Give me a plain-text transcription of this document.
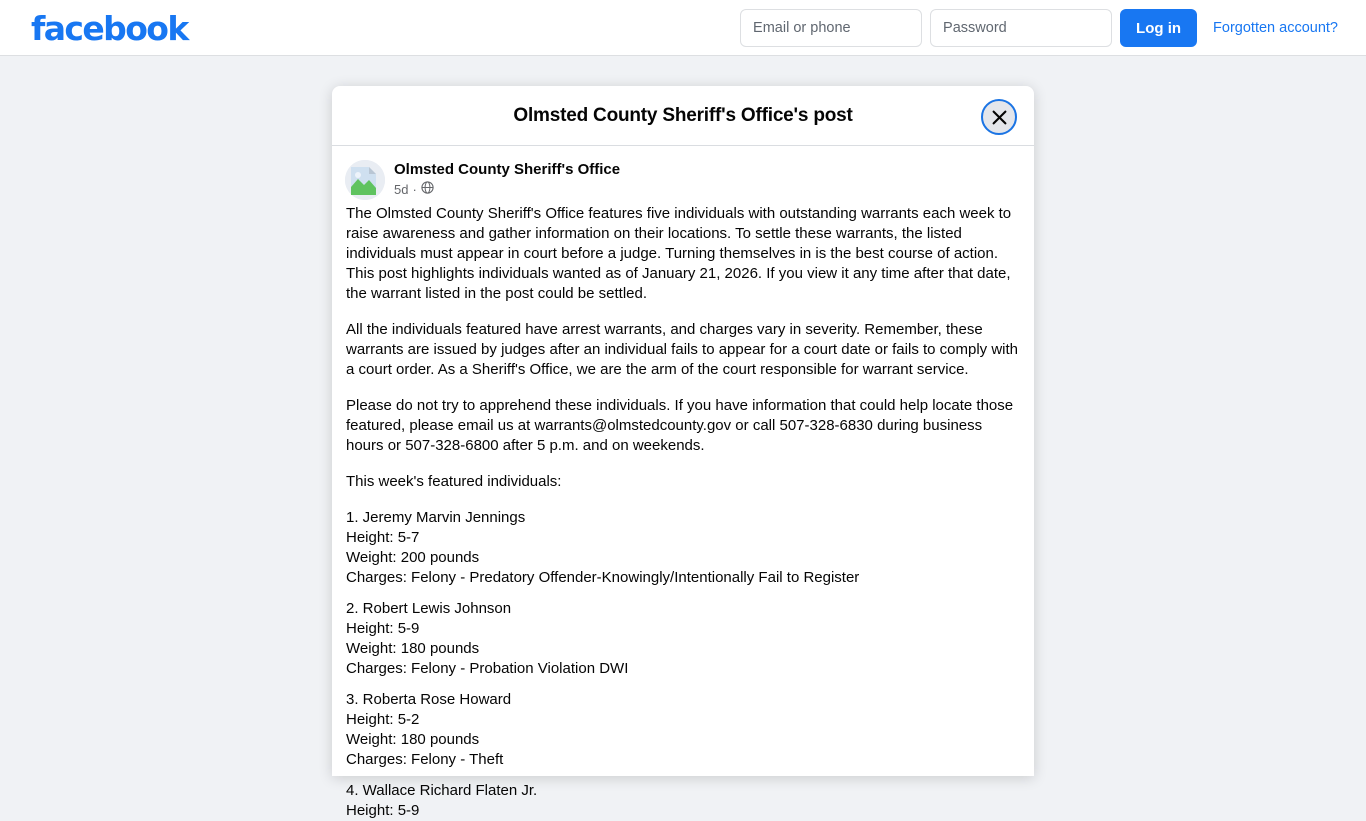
facebook
Email or phone	Log in	Forgotten account?
Olmsted County Sheriff's Office's post
Olmsted County Sheriff's Office
5d ·

The Olmsted County Sheriff's Office features five individuals with outstanding warrants each week to raise awareness and gather information on their locations. To settle these warrants, the listed individuals must appear in court before a judge. Turning themselves in is the best course of action. This post highlights individuals wanted as of January 21, 2026. If you view it any time after that date, the warrant listed in the post could be settled.

All the individuals featured have arrest warrants, and charges vary in severity. Remember, these warrants are issued by judges after an individual fails to appear for a court date or fails to comply with a court order. As a Sheriff's Office, we are the arm of the court responsible for warrant service.

Please do not try to apprehend these individuals. If you have information that could help locate those featured, please email us at warrants@olmstedcounty.gov or call 507-328-6830 during business hours or 507-328-6800 after 5 p.m. and on weekends.

This week's featured individuals:

1. Jeremy Marvin Jennings
Height: 5-7
Weight: 200 pounds
Charges: Felony - Predatory Offender-Knowingly/Intentionally Fail to Register

2. Robert Lewis Johnson
Height: 5-9
Weight: 180 pounds
Charges: Felony - Probation Violation DWI

3. Roberta Rose Howard
Height: 5-2
Weight: 180 pounds
Charges: Felony - Theft

4. Wallace Richard Flaten Jr.
Height: 5-9
